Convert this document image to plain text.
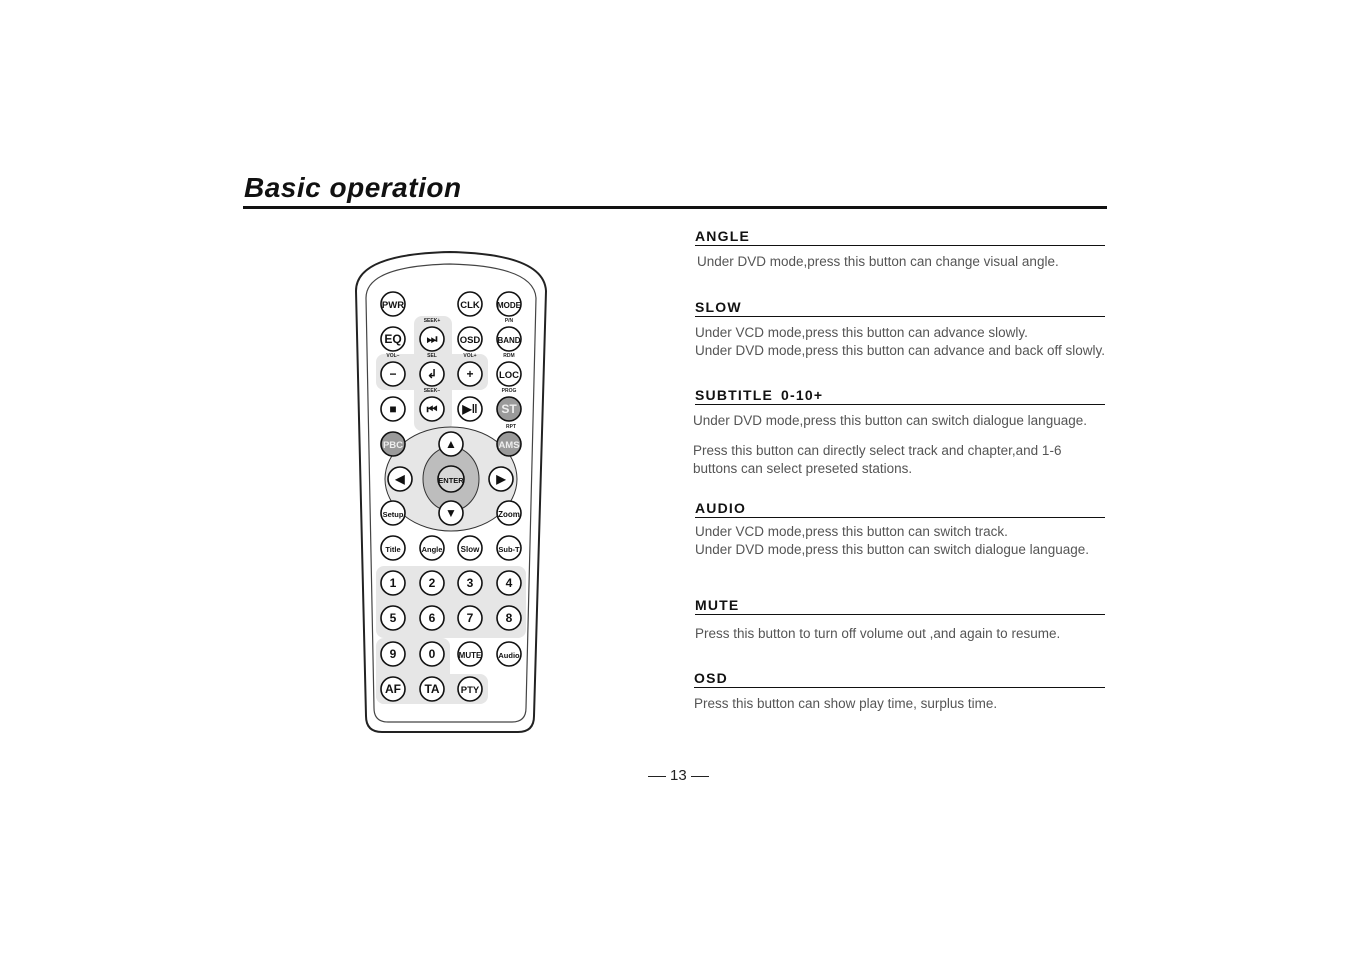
Basic operation
PWR	CLK MODE
EQ ⏭ OSD BAND
−	↲ +	LOC
■ ⏮ ▶‖ ST
PBC	AMS
▲
◀	ENTER	▶
▼
Setup	Zoom
Title	Angle Slow	Sub-T
1	2	3	4
5	6	7	8
9	0	MUTE Audio
AF TA PTY
SEEK+	P/N
VOL−	SEL	VOL+	RDM
SEEK−	PROG
RPT
ANGLE
Under DVD mode,press this button can change visual angle.
SLOW
Under VCD mode,press this button can advance slowly.
Under DVD mode,press this button can advance and back off slowly.
SUBTITLE 0-10+
Under DVD mode,press this button can switch dialogue language.
Press this button can directly select track and chapter,and 1-6
buttons can select preseted stations.
AUDIO
Under VCD mode,press this button can switch track.
Under DVD mode,press this button can switch dialogue language.
MUTE
Press this button to turn off volume out ,and again to resume.
OSD
Press this button can show play time, surplus time.
13
